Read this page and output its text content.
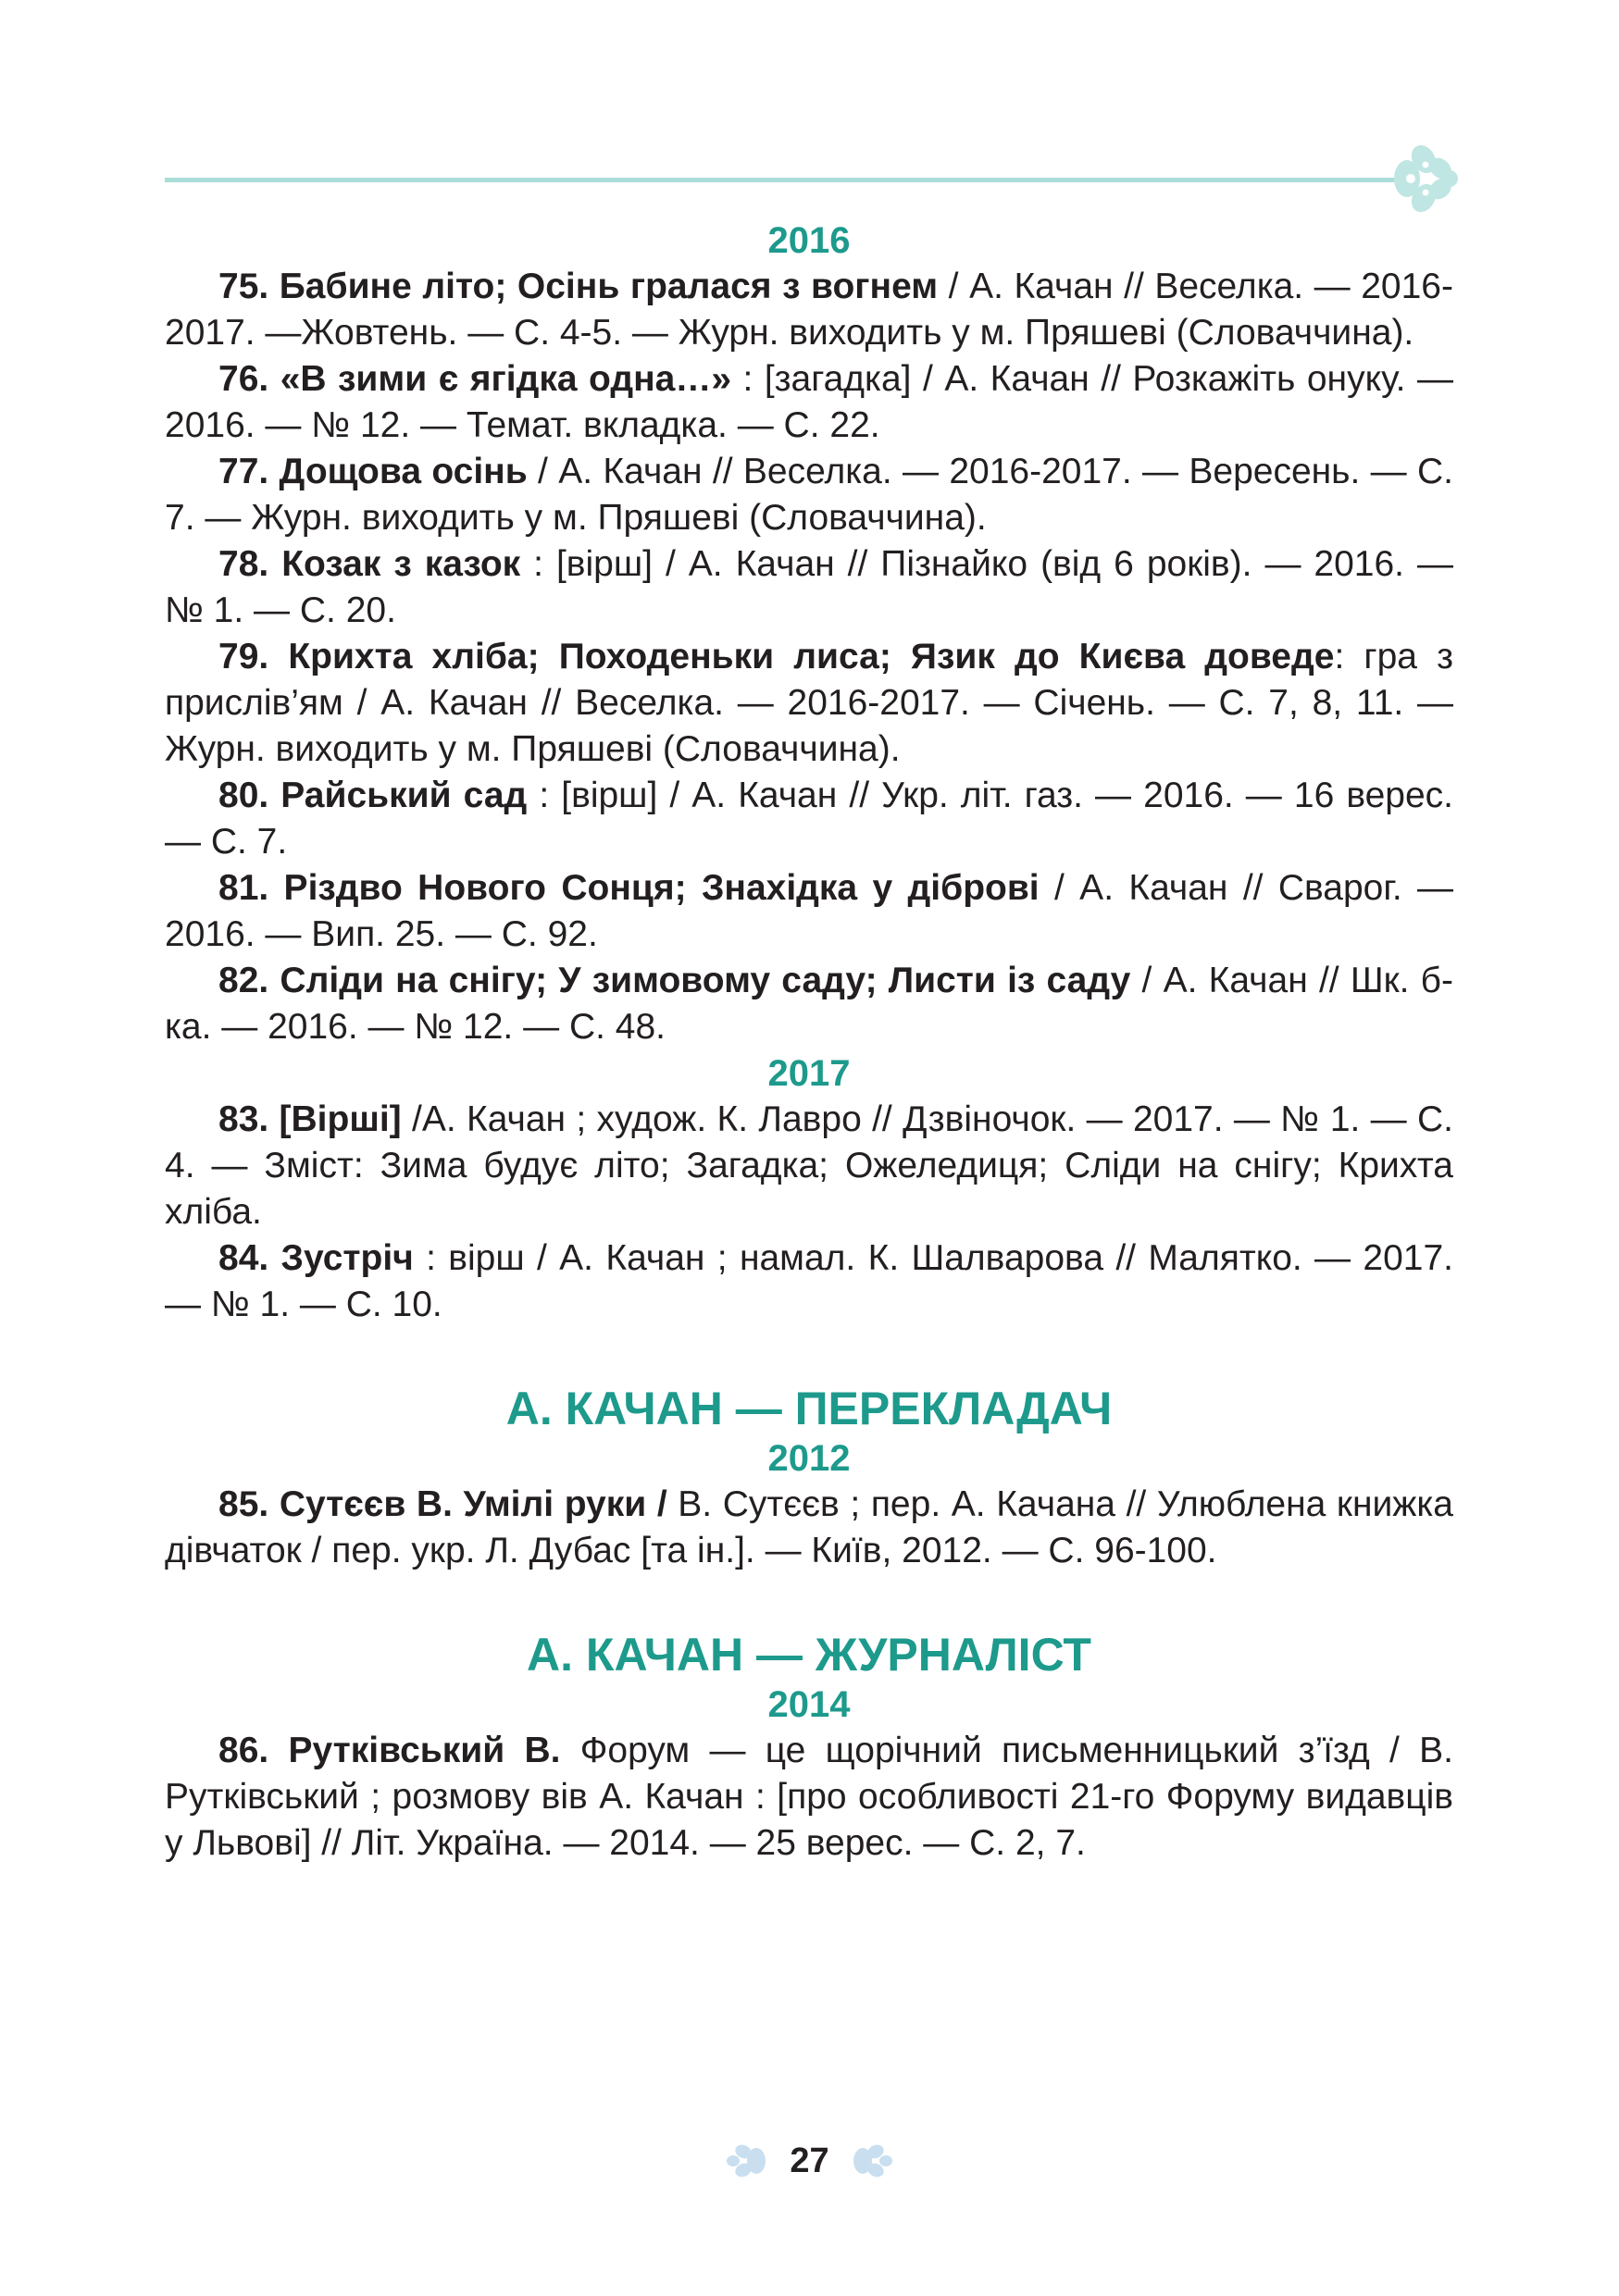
2016

75. Бабине літо; Осінь гралася з вогнем / А. Качан // Веселка. — 2016-2017. —Жовтень. — С. 4-5. — Журн. виходить у м. Пряшеві (Словаччина).

76. «В зими є ягідка одна…» : [загадка] / А. Качан // Розкажіть онуку. — 2016. — № 12. — Темат. вкладка. — С. 22.

77. Дощова осінь / А. Качан // Веселка. — 2016-2017. — Вересень. — С. 7. — Журн. виходить у м. Пряшеві (Словаччина).

78. Козак з казок : [вірш] / А. Качан // Пізнайко (від 6 років). — 2016. — № 1. — С. 20.

79. Крихта хліба; Походеньки лиса; Язик до Києва доведе: гра з прислів’ям / А. Качан // Веселка. — 2016-2017. — Січень. — С. 7, 8, 11. — Журн. виходить у м. Пряшеві (Словаччина).

80. Райський сад : [вірш] / А. Качан // Укр. літ. газ. — 2016. — 16 верес. — С. 7.

81. Різдво Нового Сонця; Знахідка у діброві / А. Качан // Сварог. — 2016. — Вип. 25. — С. 92.

82. Сліди на снігу; У зимовому саду; Листи із саду / А. Качан // Шк. б-ка. — 2016. — № 12. — С. 48.

2017

83. [Вірші] /А. Качан ; худож. К. Лавро // Дзвіночок. — 2017. — № 1. — С. 4. — Зміст: Зима будує літо; Загадка; Ожеледиця; Сліди на снігу; Крихта хліба.

84. Зустріч : вірш / А. Качан ; намал. К. Шалварова // Малятко. — 2017. — № 1. — С. 10.

А. КАЧАН — ПЕРЕКЛАДАЧ

2012

85. Сутєєв В. Умілі руки / В. Сутєєв ; пер. А. Качана // Улюблена книжка дівчаток / пер. укр. Л. Дубас [та ін.]. — Київ, 2012. — С. 96-100.

А. КАЧАН — ЖУРНАЛІСТ

2014

86. Рутківський В. Форум — це щорічний письменницький з’їзд / В. Рутківський ; розмову вів А. Качан : [про особливості 21-го Форуму видавців у Львові] // Літ. Україна. — 2014. — 25 верес. — С. 2, 7.

27
